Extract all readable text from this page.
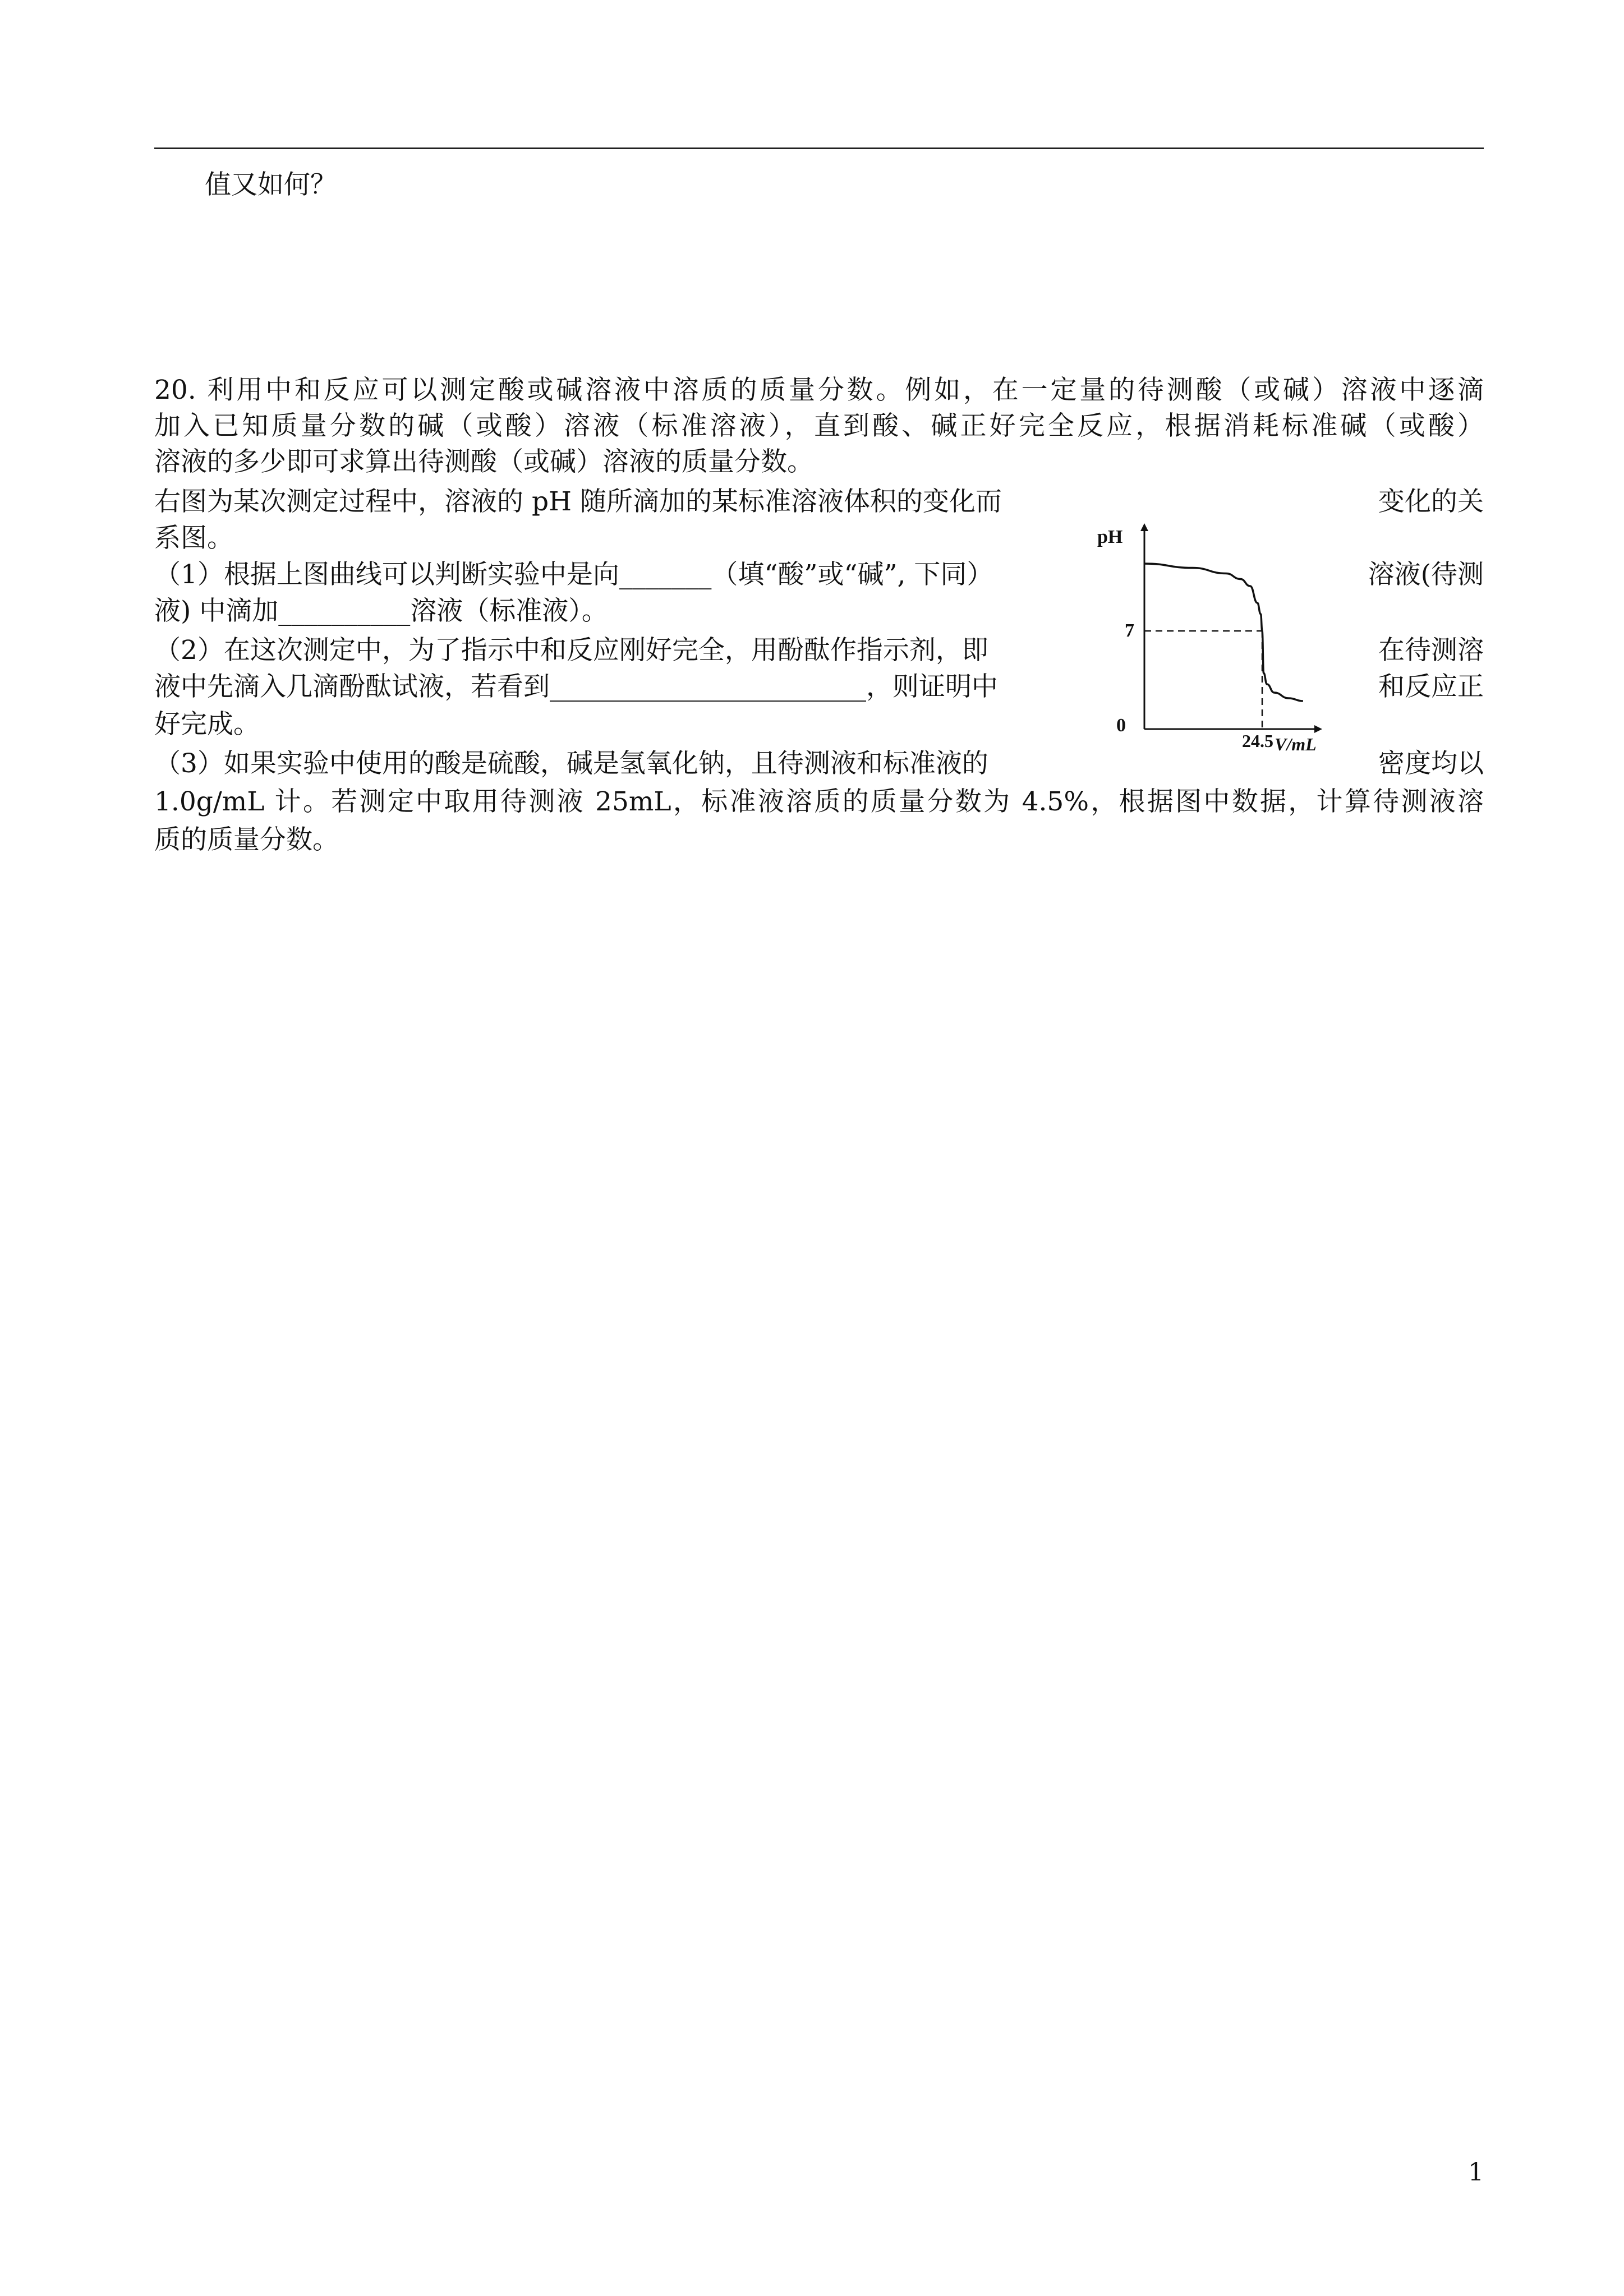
值又如何？
20. 利用中和反应可以测定酸或碱溶液中溶质的质量分数。例如，在一定量的待测酸（或碱）溶液中逐滴
加入已知质量分数的碱（或酸）溶液（标准溶液），直到酸、碱正好完全反应，根据消耗标准碱（或酸）
溶液的多少即可求算出待测酸（或碱）溶液的质量分数。
右图为某次测定过程中，溶液的 pH 随所滴加的某标准溶液体积的变化而	变化的关
系图。
（1）根据上图曲线可以判断实验中是向_______（填“酸”或“碱”, 下同）	溶液(待测
液) 中滴加__________溶液（标准液）。
（2）在这次测定中，为了指示中和反应刚好完全，用酚酞作指示剂，即	在待测溶
液中先滴入几滴酚酞试液，若看到________________________，则证明中	和反应正
好完成。
（3）如果实验中使用的酸是硫酸，碱是氢氧化钠，且待测液和标准液的	密度均以
1.0g/mL 计。若测定中取用待测液 25mL，标准液溶质的质量分数为 4.5%，根据图中数据，计算待测液溶
质的质量分数。
pH
0
7
24.5 V/mL
1
